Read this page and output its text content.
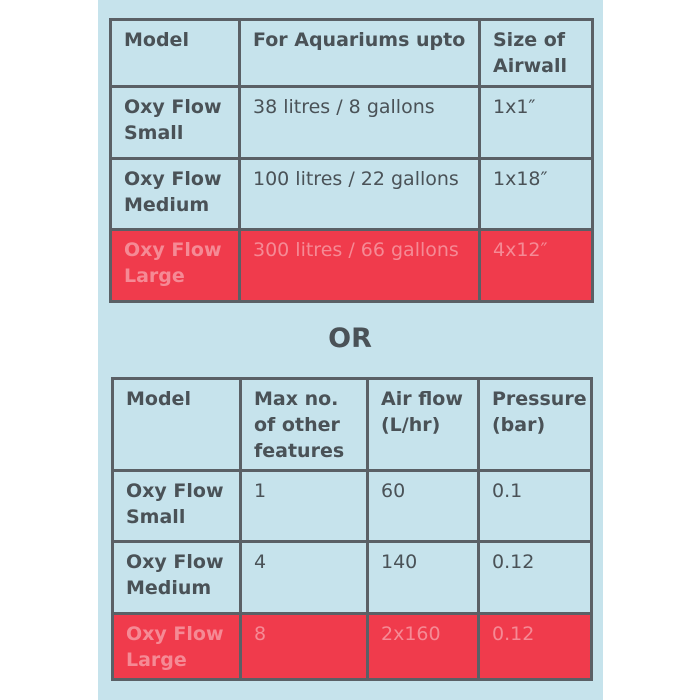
Model	For Aquariums upto	Size of Airwall
Oxy Flow Small	38 litres / 8 gallons	1x1″
Oxy Flow Medium	100 litres / 22 gallons	1x18″
Oxy Flow Large	300 litres / 66 gallons	4x12″
OR
Model	Max no. of other features	Air flow (L/hr)	Pressure (bar)
Oxy Flow Small	1	60	0.1
Oxy Flow Medium	4	140	0.12
Oxy Flow Large	8	2x160	0.12
